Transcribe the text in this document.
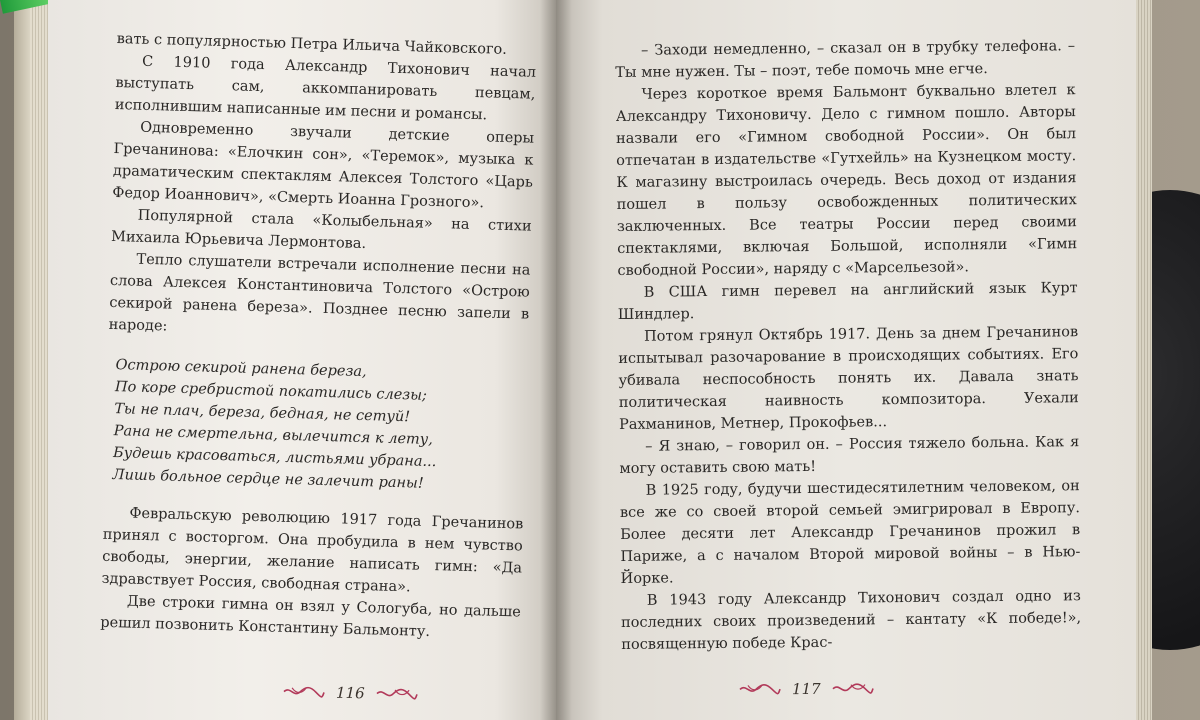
вать с популярностью Петра Ильича Чайковского.

С 1910 года Александр Тихонович начал выступать сам, аккомпанировать певцам, исполнившим написанные им песни и романсы.

Одновременно звучали детские оперы Гречанинова: «Елочкин сон», «Теремок», музыка к драматическим спектаклям Алексея Толстого «Царь Федор Иоаннович», «Смерть Иоанна Грозного».

Популярной стала «Колыбельная» на стихи Михаила Юрьевича Лермонтова.

Тепло слушатели встречали исполнение песни на слова Алексея Константиновича Толстого «Острою секирой ранена береза». Позднее песню запели в народе:

Острою секирой ранена береза,
По коре сребристой покатились слезы;
Ты не плач, береза, бедная, не сетуй!
Рана не смертельна, вылечится к лету,
Будешь красоваться, листьями убрана...
Лишь больное сердце не залечит раны!

Февральскую революцию 1917 года Гречанинов принял с восторгом. Она пробудила в нем чувство свободы, энергии, желание написать гимн: «Да здравствует Россия, свободная страна».

Две строки гимна он взял у Сологуба, но дальше решил позвонить Константину Бальмонту.

– Заходи немедленно, – сказал он в трубку телефона. – Ты мне нужен. Ты – поэт, тебе помочь мне егче.

Через короткое время Бальмонт буквально влетел к Александру Тихоновичу. Дело с гимном пошло. Авторы назвали его «Гимном свободной России». Он был отпечатан в издательстве «Гутхейль» на Кузнецком мосту. К магазину выстроилась очередь. Весь доход от издания пошел в пользу освобожденных политических заключенных. Все театры России перед своими спектаклями, включая Большой, исполняли «Гимн свободной России», наряду с «Марсельезой».

В США гимн перевел на английский язык Курт Шиндлер.

Потом грянул Октябрь 1917. День за днем Гречанинов испытывал разочарование в происходящих событиях. Его убивала неспособность понять их. Давала знать политическая наивность композитора. Уехали Рахманинов, Метнер, Прокофьев...

– Я знаю, – говорил он. – Россия тяжело больна. Как я могу оставить свою мать!

В 1925 году, будучи шестидесятилетним человеком, он все же со своей второй семьей эмигрировал в Европу. Более десяти лет Александр Гречанинов прожил в Париже, а с началом Второй мировой войны – в Нью-Йорке.

В 1943 году Александр Тихонович создал одно из последних своих произведений – кантату «К победе!», посвященную победе Крас-

116	117
